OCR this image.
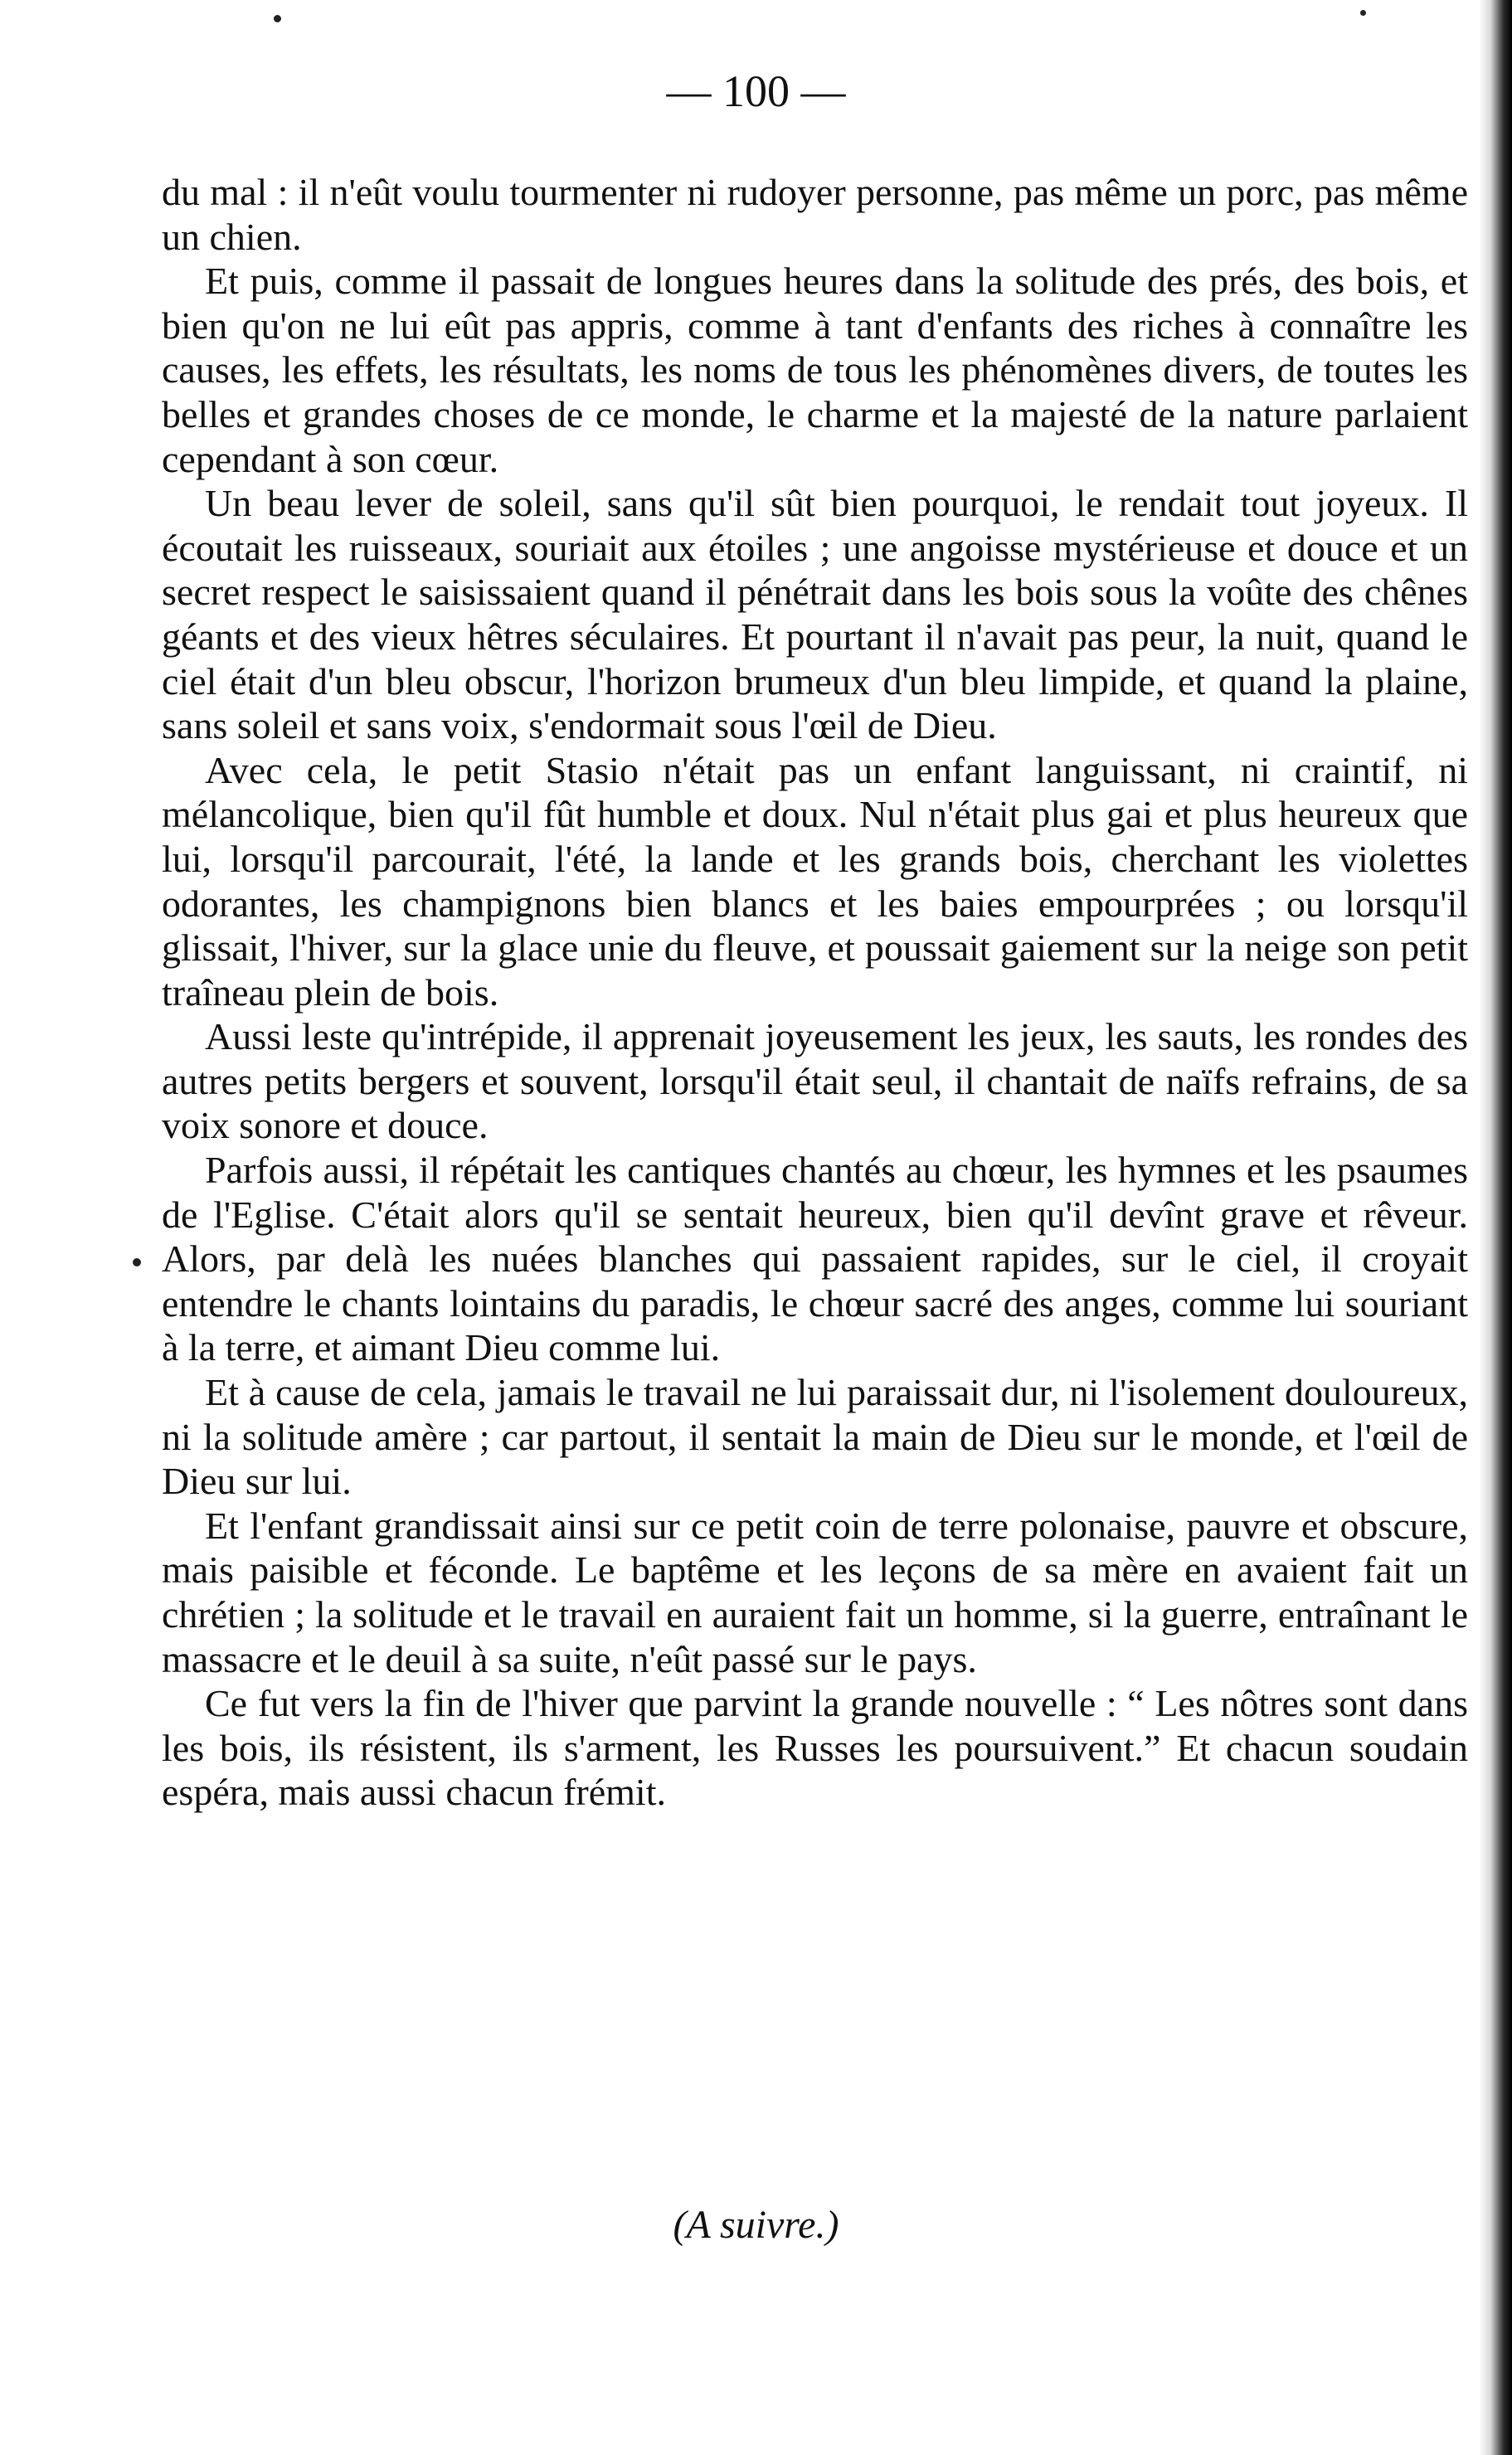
— 100 —

du mal : il n'eût voulu tourmenter ni rudoyer personne, pas même un porc, pas même un chien.

Et puis, comme il passait de longues heures dans la solitude des prés, des bois, et bien qu'on ne lui eût pas appris, comme à tant d'enfants des riches à connaître les causes, les effets, les résultats, les noms de tous les phénomènes divers, de toutes les belles et grandes choses de ce monde, le charme et la majesté de la nature parlaient cependant à son cœur.

Un beau lever de soleil, sans qu'il sût bien pourquoi, le rendait tout joyeux. Il écoutait les ruisseaux, souriait aux étoiles ; une angoisse mystérieuse et douce et un secret respect le saisissaient quand il pénétrait dans les bois sous la voûte des chênes géants et des vieux hêtres séculaires. Et pourtant il n'avait pas peur, la nuit, quand le ciel était d'un bleu obscur, l'horizon brumeux d'un bleu limpide, et quand la plaine, sans soleil et sans voix, s'endormait sous l'œil de Dieu.

Avec cela, le petit Stasio n'était pas un enfant languissant, ni craintif, ni mélancolique, bien qu'il fût humble et doux. Nul n'était plus gai et plus heureux que lui, lorsqu'il parcourait, l'été, la lande et les grands bois, cherchant les violettes odorantes, les champignons bien blancs et les baies empourprées ; ou lorsqu'il glissait, l'hiver, sur la glace unie du fleuve, et poussait gaiement sur la neige son petit traîneau plein de bois.

Aussi leste qu'intrépide, il apprenait joyeusement les jeux, les sauts, les rondes des autres petits bergers et souvent, lorsqu'il était seul, il chantait de naïfs refrains, de sa voix sonore et douce.

Parfois aussi, il répétait les cantiques chantés au chœur, les hymnes et les psaumes de l'Eglise. C'était alors qu'il se sentait heureux, bien qu'il devînt grave et rêveur. Alors, par delà les nuées blanches qui passaient rapides, sur le ciel, il croyait entendre le chants lointains du paradis, le chœur sacré des anges, comme lui souriant à la terre, et aimant Dieu comme lui.

Et à cause de cela, jamais le travail ne lui paraissait dur, ni l'isolement douloureux, ni la solitude amère ; car partout, il sentait la main de Dieu sur le monde, et l'œil de Dieu sur lui.

Et l'enfant grandissait ainsi sur ce petit coin de terre polonaise, pauvre et obscure, mais paisible et féconde. Le baptême et les leçons de sa mère en avaient fait un chrétien ; la solitude et le travail en auraient fait un homme, si la guerre, entraînant le massacre et le deuil à sa suite, n'eût passé sur le pays.

Ce fut vers la fin de l'hiver que parvint la grande nouvelle : “ Les nôtres sont dans les bois, ils résistent, ils s'arment, les Russes les poursuivent.” Et chacun soudain espéra, mais aussi chacun frémit.

(A suivre.)
